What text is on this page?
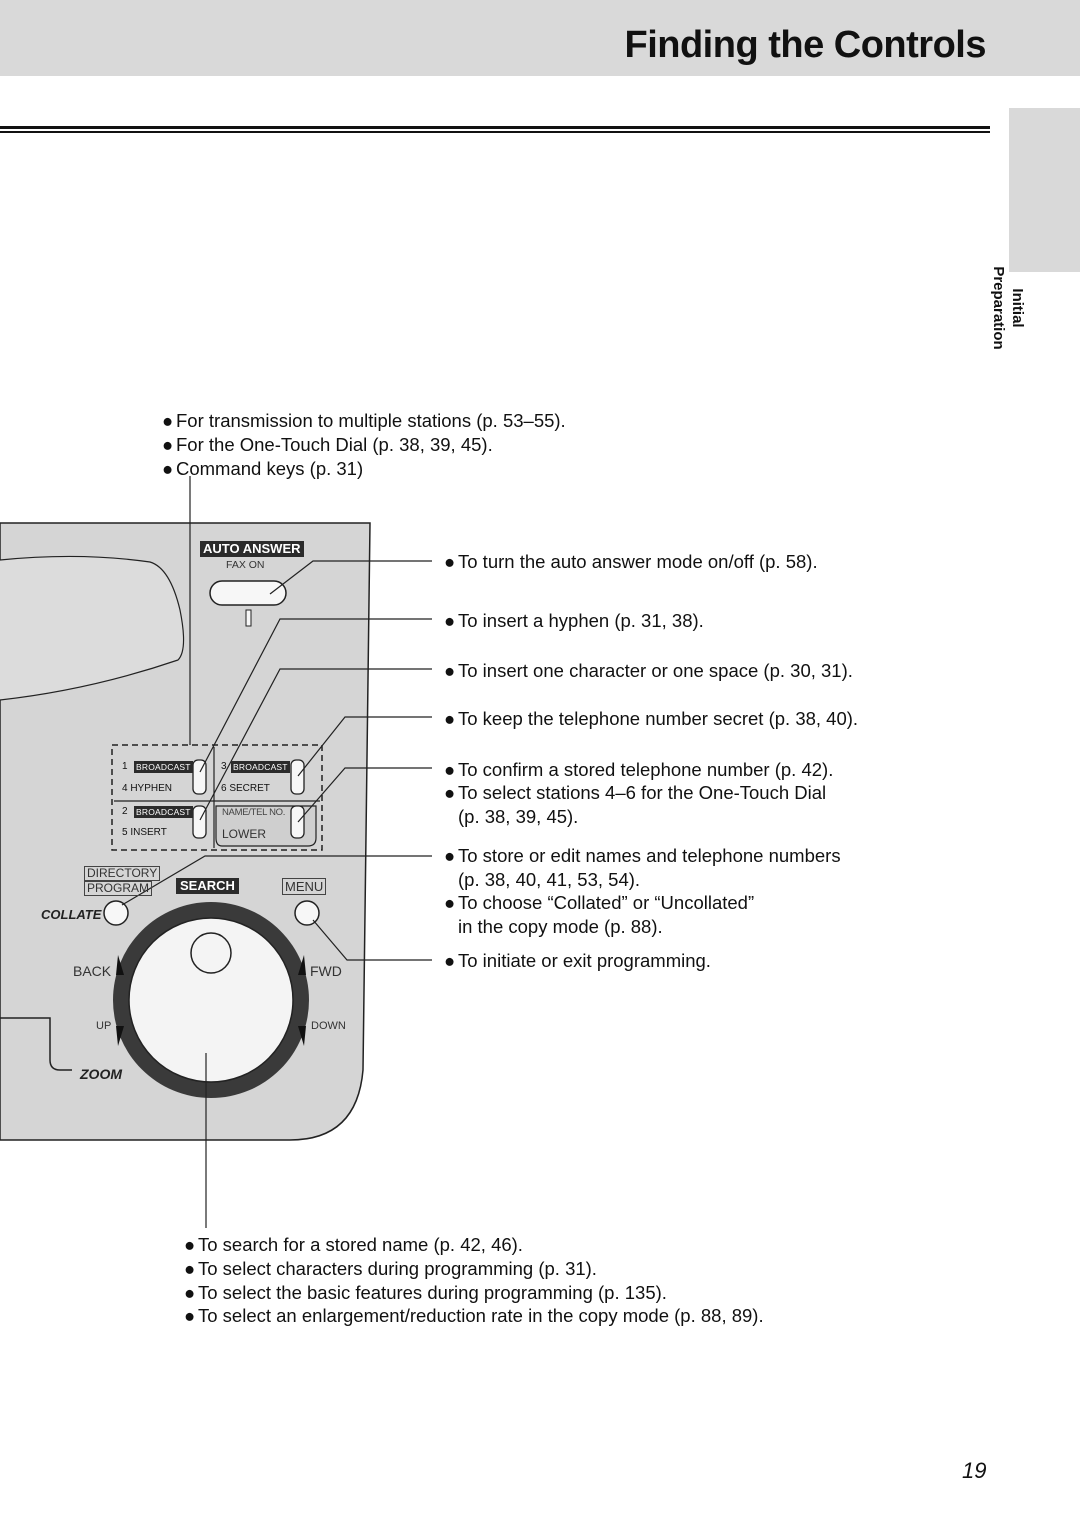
Finding the Controls
Initial
Preparation
● For transmission to multiple stations (p. 53–55).
● For the One-Touch Dial (p. 38, 39, 45).
● Command keys (p. 31)
AUTO ANSWER
FAX ON
1 BROADCAST
4 HYPHEN
2 BROADCAST
5 INSERT
3 BROADCAST
6 SECRET
NAME/TEL NO.
LOWER
DIRECTORY
PROGRAM	SEARCH	MENU
COLLATE
BACK	FWD
UP	DOWN
ZOOM
● To turn the auto answer mode on/off (p. 58).
● To insert a hyphen (p. 31, 38).
● To insert one character or one space (p. 30, 31).
● To keep the telephone number secret (p. 38, 40).
● To confirm a stored telephone number (p. 42).
● To select stations 4–6 for the One-Touch Dial
(p. 38, 39, 45).
● To store or edit names and telephone numbers
(p. 38, 40, 41, 53, 54).
● To choose “Collated” or “Uncollated”
in the copy mode (p. 88).
● To initiate or exit programming.
● To search for a stored name (p. 42, 46).
● To select characters during programming (p. 31).
● To select the basic features during programming (p. 135).
● To select an enlargement/reduction rate in the copy mode (p. 88, 89).
19
